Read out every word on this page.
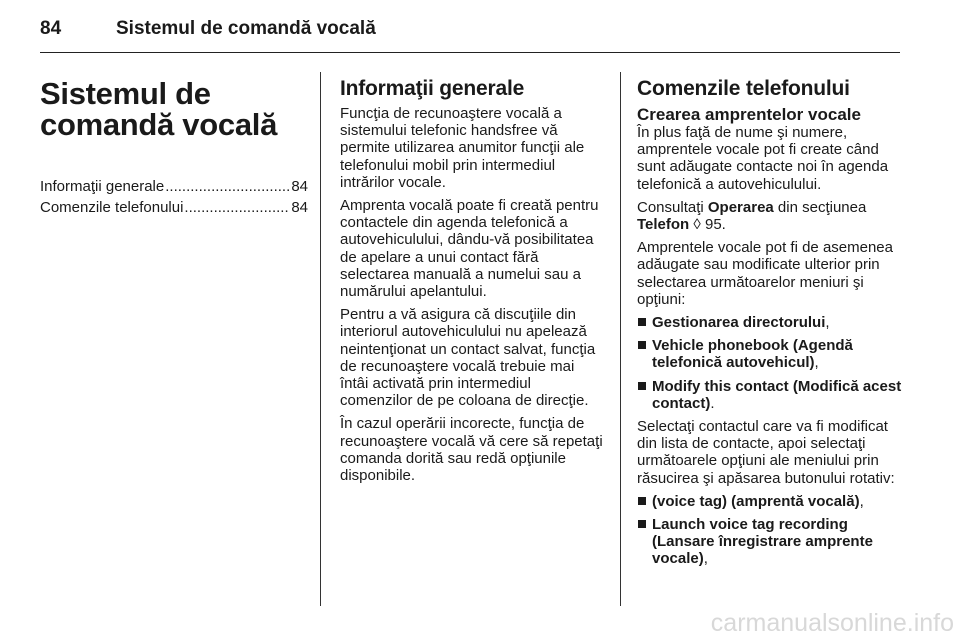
84	Sistemul de comandă vocală
Sistemul de comandă vocală
Informaţii generale .....	84
Comenzile telefonului .....	84
Informaţii generale

Funcţia de recunoaştere vocală a sistemului telefonic handsfree vă permite utilizarea anumitor funcţii ale telefonului mobil prin intermediul intrărilor vocale.

Amprenta vocală poate fi creată pentru contactele din agenda telefonică a autovehiculului, dându-vă posibilitatea de apelare a unui contact fără selectarea manuală a numelui sau a numărului apelantului.

Pentru a vă asigura că discuţiile din interiorul autovehiculului nu apelează neintenţionat un contact salvat, funcţia de recunoaştere vocală trebuie mai întâi activată prin intermediul comenzilor de pe coloana de direcţie.

În cazul operării incorecte, funcţia de recunoaştere vocală vă cere să repetaţi comanda dorită sau redă opţiunile disponibile.

Comenzile telefonului
Crearea amprentelor vocale

În plus faţă de nume şi numere, amprentele vocale pot fi create când sunt adăugate contacte noi în agenda telefonică a autovehiculului.

Consultaţi Operarea din secţiunea Telefon ◊ 95.

Amprentele vocale pot fi de asemenea adăugate sau modificate ulterior prin selectarea următoarelor meniuri şi opţiuni:

Gestionarea directorului,
Vehicle phonebook (Agendă telefonică autovehicul),
Modify this contact (Modifică acest contact).

Selectaţi contactul care va fi modificat din lista de contacte, apoi selectaţi următoarele opţiuni ale meniului prin răsucirea şi apăsarea butonului rotativ:

(voice tag) (amprentă vocală),
Launch voice tag recording (Lansare înregistrare amprente vocale),
carmanualsonline.info
